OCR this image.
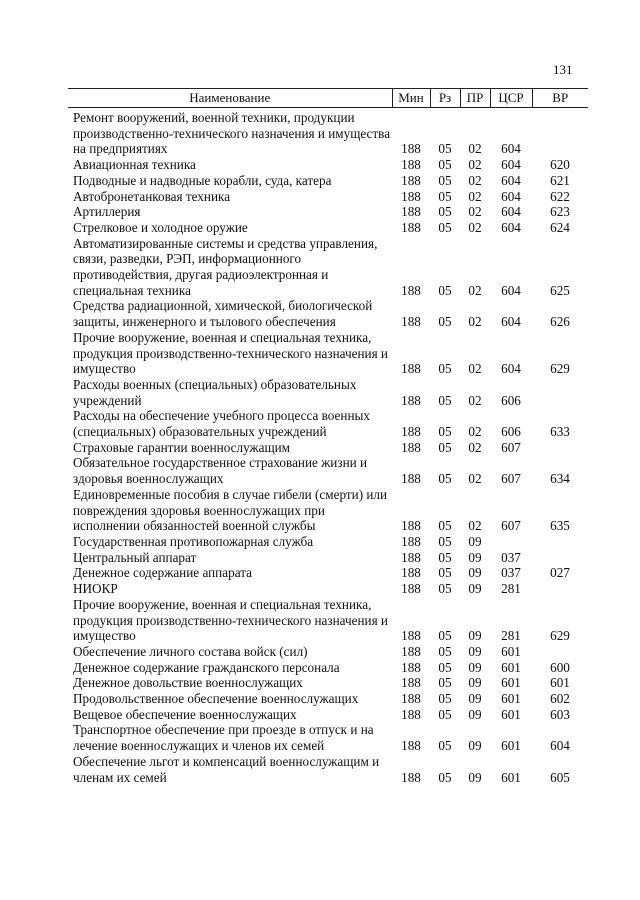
131
Наименование	Мин	Рз	ПР	ЦСР	ВР
Ремонт вооружений, военной техники, продукции производственно-технического назначения и имущества на предприятиях	188	05	02	604	
Авиационная техника	188	05	02	604	620
Подводные и надводные корабли, суда, катера	188	05	02	604	621
Автобронетанковая техника	188	05	02	604	622
Артиллерия	188	05	02	604	623
Стрелковое и холодное оружие	188	05	02	604	624
Автоматизированные системы и средства управления, связи, разведки, РЭП, информационного противодействия, другая радиоэлектронная и специальная техника	188	05	02	604	625
Средства радиационной, химической, биологической защиты, инженерного и тылового обеспечения	188	05	02	604	626
Прочие вооружение, военная и специальная техника, продукция производственно-технического назначения и имущество	188	05	02	604	629
Расходы военных (специальных) образовательных учреждений	188	05	02	606	
Расходы на обеспечение учебного процесса военных (специальных) образовательных учреждений	188	05	02	606	633
Страховые гарантии военнослужащим	188	05	02	607	
Обязательное государственное страхование жизни и здоровья военнослужащих	188	05	02	607	634
Единовременные пособия в случае гибели (смерти) или повреждения здоровья военнослужащих при исполнении обязанностей военной службы	188	05	02	607	635
Государственная противопожарная служба	188	05	09		
Центральный аппарат	188	05	09	037	
Денежное содержание аппарата	188	05	09	037	027
НИОКР	188	05	09	281	
Прочие вооружение, военная и специальная техника, продукция производственно-технического назначения и имущество	188	05	09	281	629
Обеспечение личного состава войск (сил)	188	05	09	601	
Денежное содержание гражданского персонала	188	05	09	601	600
Денежное довольствие военнослужащих	188	05	09	601	601
Продовольственное обеспечение военнослужащих	188	05	09	601	602
Вещевое обеспечение военнослужащих	188	05	09	601	603
Транспортное обеспечение при проезде в отпуск и на лечение военнослужащих и членов их семей	188	05	09	601	604
Обеспечение льгот и компенсаций военнослужащим и членам их семей	188	05	09	601	605
